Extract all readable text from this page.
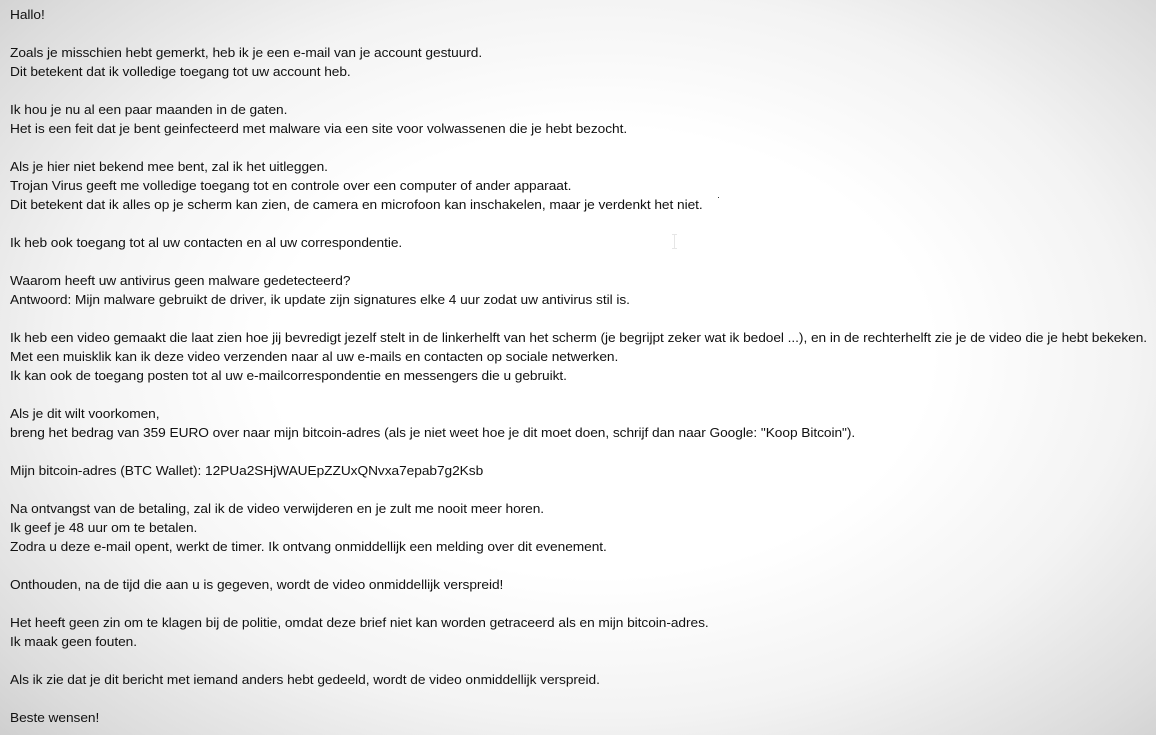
Hallo!
Zoals je misschien hebt gemerkt, heb ik je een e-mail van je account gestuurd.
Dit betekent dat ik volledige toegang tot uw account heb.
Ik hou je nu al een paar maanden in de gaten.
Het is een feit dat je bent geinfecteerd met malware via een site voor volwassenen die je hebt bezocht.
Als je hier niet bekend mee bent, zal ik het uitleggen.
Trojan Virus geeft me volledige toegang tot en controle over een computer of ander apparaat.
Dit betekent dat ik alles op je scherm kan zien, de camera en microfoon kan inschakelen, maar je verdenkt het niet.
Ik heb ook toegang tot al uw contacten en al uw correspondentie.
Waarom heeft uw antivirus geen malware gedetecteerd?
Antwoord: Mijn malware gebruikt de driver, ik update zijn signatures elke 4 uur zodat uw antivirus stil is.
Ik heb een video gemaakt die laat zien hoe jij bevredigt jezelf stelt in de linkerhelft van het scherm (je begrijpt zeker wat ik bedoel ...), en in de rechterhelft zie je de video die je hebt bekeken.
Met een muisklik kan ik deze video verzenden naar al uw e-mails en contacten op sociale netwerken.
Ik kan ook de toegang posten tot al uw e-mailcorrespondentie en messengers die u gebruikt.
Als je dit wilt voorkomen,
breng het bedrag van 359 EURO over naar mijn bitcoin-adres (als je niet weet hoe je dit moet doen, schrijf dan naar Google: "Koop Bitcoin").
Mijn bitcoin-adres (BTC Wallet): 12PUa2SHjWAUEpZZUxQNvxa7epab7g2Ksb
Na ontvangst van de betaling, zal ik de video verwijderen en je zult me nooit meer horen.
Ik geef je 48 uur om te betalen.
Zodra u deze e-mail opent, werkt de timer. Ik ontvang onmiddellijk een melding over dit evenement.
Onthouden, na de tijd die aan u is gegeven, wordt de video onmiddellijk verspreid!
Het heeft geen zin om te klagen bij de politie, omdat deze brief niet kan worden getraceerd als en mijn bitcoin-adres.
Ik maak geen fouten.
Als ik zie dat je dit bericht met iemand anders hebt gedeeld, wordt de video onmiddellijk verspreid.
Beste wensen!
